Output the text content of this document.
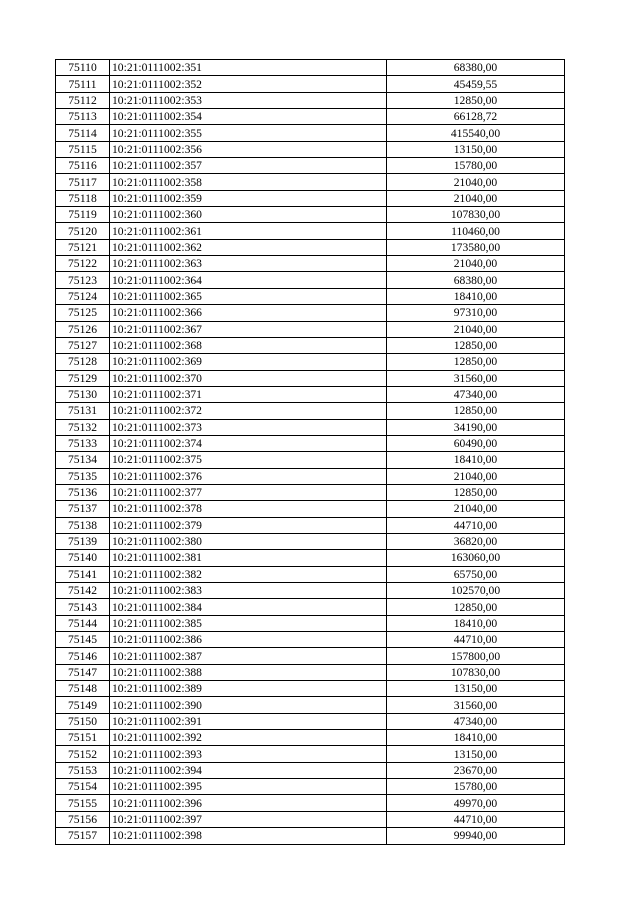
75110	10:21:0111002:351	68380,00
75111	10:21:0111002:352	45459,55
75112	10:21:0111002:353	12850,00
75113	10:21:0111002:354	66128,72
75114	10:21:0111002:355	415540,00
75115	10:21:0111002:356	13150,00
75116	10:21:0111002:357	15780,00
75117	10:21:0111002:358	21040,00
75118	10:21:0111002:359	21040,00
75119	10:21:0111002:360	107830,00
75120	10:21:0111002:361	110460,00
75121	10:21:0111002:362	173580,00
75122	10:21:0111002:363	21040,00
75123	10:21:0111002:364	68380,00
75124	10:21:0111002:365	18410,00
75125	10:21:0111002:366	97310,00
75126	10:21:0111002:367	21040,00
75127	10:21:0111002:368	12850,00
75128	10:21:0111002:369	12850,00
75129	10:21:0111002:370	31560,00
75130	10:21:0111002:371	47340,00
75131	10:21:0111002:372	12850,00
75132	10:21:0111002:373	34190,00
75133	10:21:0111002:374	60490,00
75134	10:21:0111002:375	18410,00
75135	10:21:0111002:376	21040,00
75136	10:21:0111002:377	12850,00
75137	10:21:0111002:378	21040,00
75138	10:21:0111002:379	44710,00
75139	10:21:0111002:380	36820,00
75140	10:21:0111002:381	163060,00
75141	10:21:0111002:382	65750,00
75142	10:21:0111002:383	102570,00
75143	10:21:0111002:384	12850,00
75144	10:21:0111002:385	18410,00
75145	10:21:0111002:386	44710,00
75146	10:21:0111002:387	157800,00
75147	10:21:0111002:388	107830,00
75148	10:21:0111002:389	13150,00
75149	10:21:0111002:390	31560,00
75150	10:21:0111002:391	47340,00
75151	10:21:0111002:392	18410,00
75152	10:21:0111002:393	13150,00
75153	10:21:0111002:394	23670,00
75154	10:21:0111002:395	15780,00
75155	10:21:0111002:396	49970,00
75156	10:21:0111002:397	44710,00
75157	10:21:0111002:398	99940,00
